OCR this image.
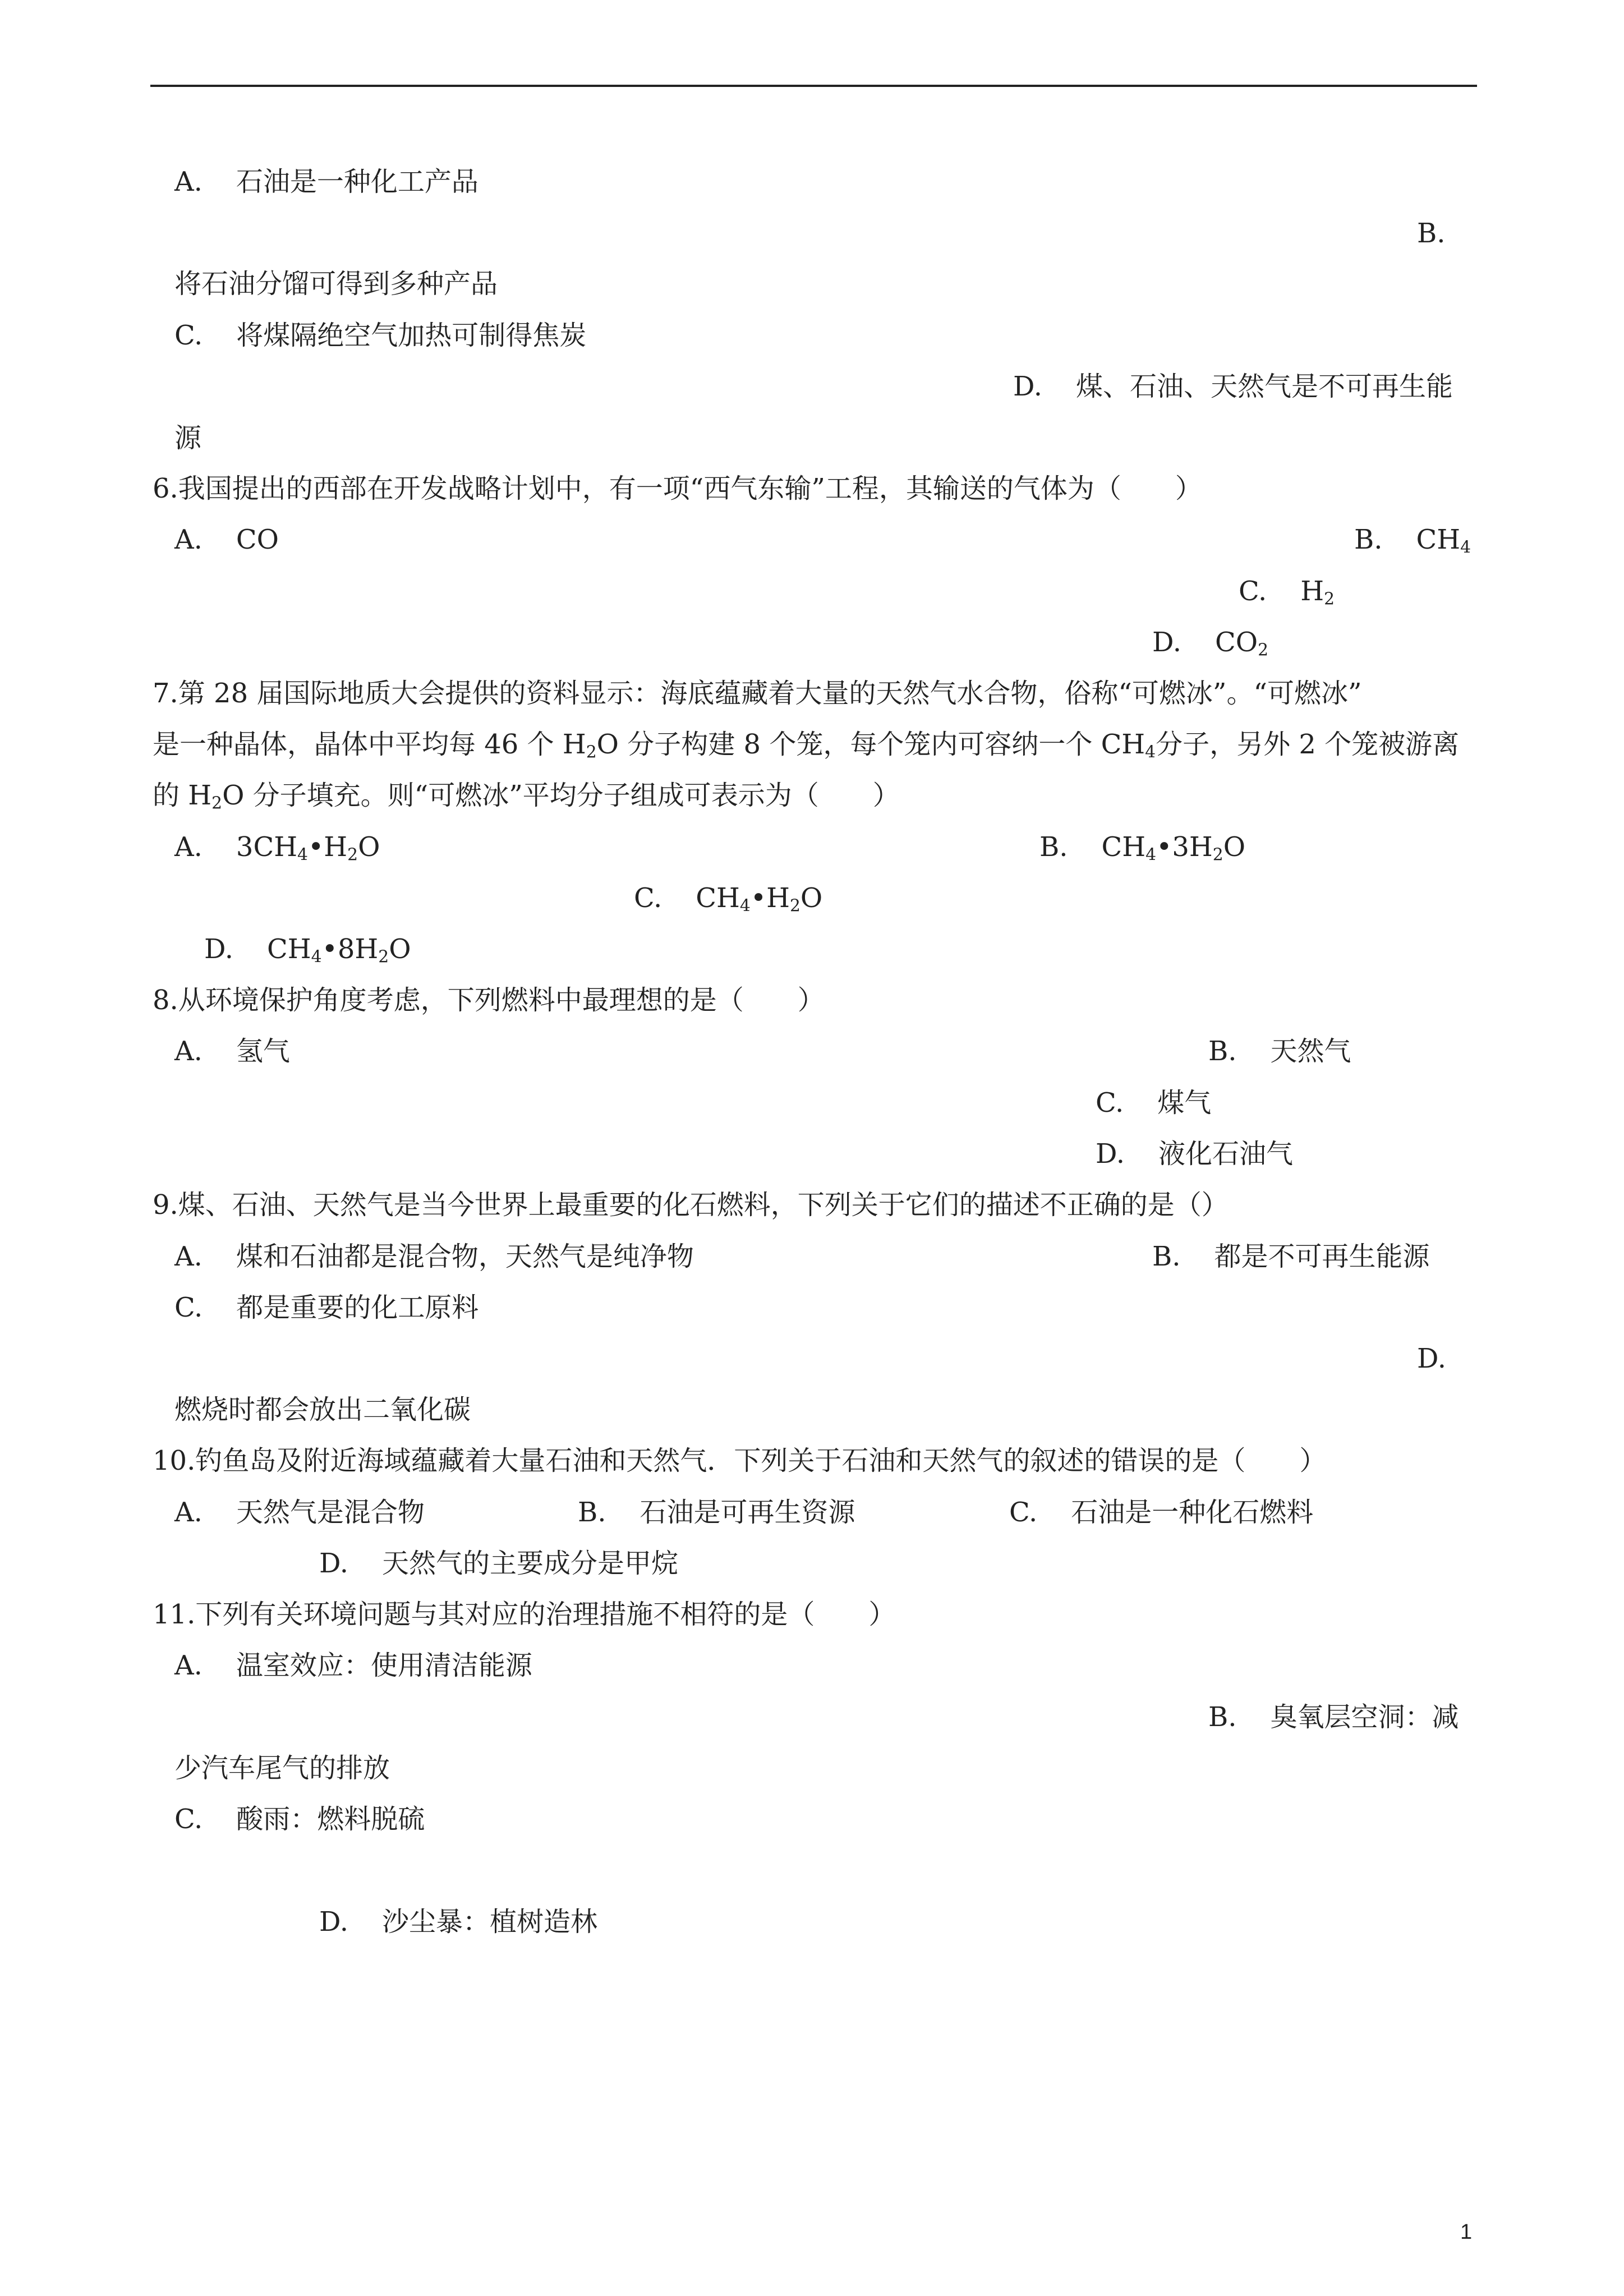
A. 石油是一种化工产品
B.
将石油分馏可得到多种产品
C. 将煤隔绝空气加热可制得焦炭
D. 煤、石油、天然气是不可再生能
源
6.我国提出的西部在开发战略计划中，有一项“西气东输”工程，其输送的气体为（　　）
A. CO	B. $CH_4$
C. $H_2$
D. $CO_2$
7.第 28 届国际地质大会提供的资料显示：海底蕴藏着大量的天然气水合物，俗称“可燃冰”。“可燃冰”
是一种晶体，晶体中平均每 46 个 $H_2O$ 分子构建 8 个笼，每个笼内可容纳一个 $CH_4$分子，另外 2 个笼被游离
的 $H_2O$ 分子填充。则“可燃冰”平均分子组成可表示为（　　）
A. $3CH_4•H_2O$	B. $CH_4•3H_2O$
C. $CH_4•H_2O$
D. $CH_4•8H_2O$
8.从环境保护角度考虑，下列燃料中最理想的是（　　）
A. 氢气	B. 天然气
C. 煤气
D. 液化石油气
9.煤、石油、天然气是当今世界上最重要的化石燃料，下列关于它们的描述不正确的是（）
A. 煤和石油都是混合物，天然气是纯净物	B. 都是不可再生能源
C. 都是重要的化工原料
D.
燃烧时都会放出二氧化碳
10.钓鱼岛及附近海域蕴藏着大量石油和天然气．下列关于石油和天然气的叙述的错误的是（　　）
A. 天然气是混合物	B. 石油是可再生资源	C. 石油是一种化石燃料
D. 天然气的主要成分是甲烷
11.下列有关环境问题与其对应的治理措施不相符的是（　　）
A. 温室效应：使用清洁能源
B. 臭氧层空洞：减
少汽车尾气的排放
C. 酸雨：燃料脱硫
D. 沙尘暴：植树造林
1
